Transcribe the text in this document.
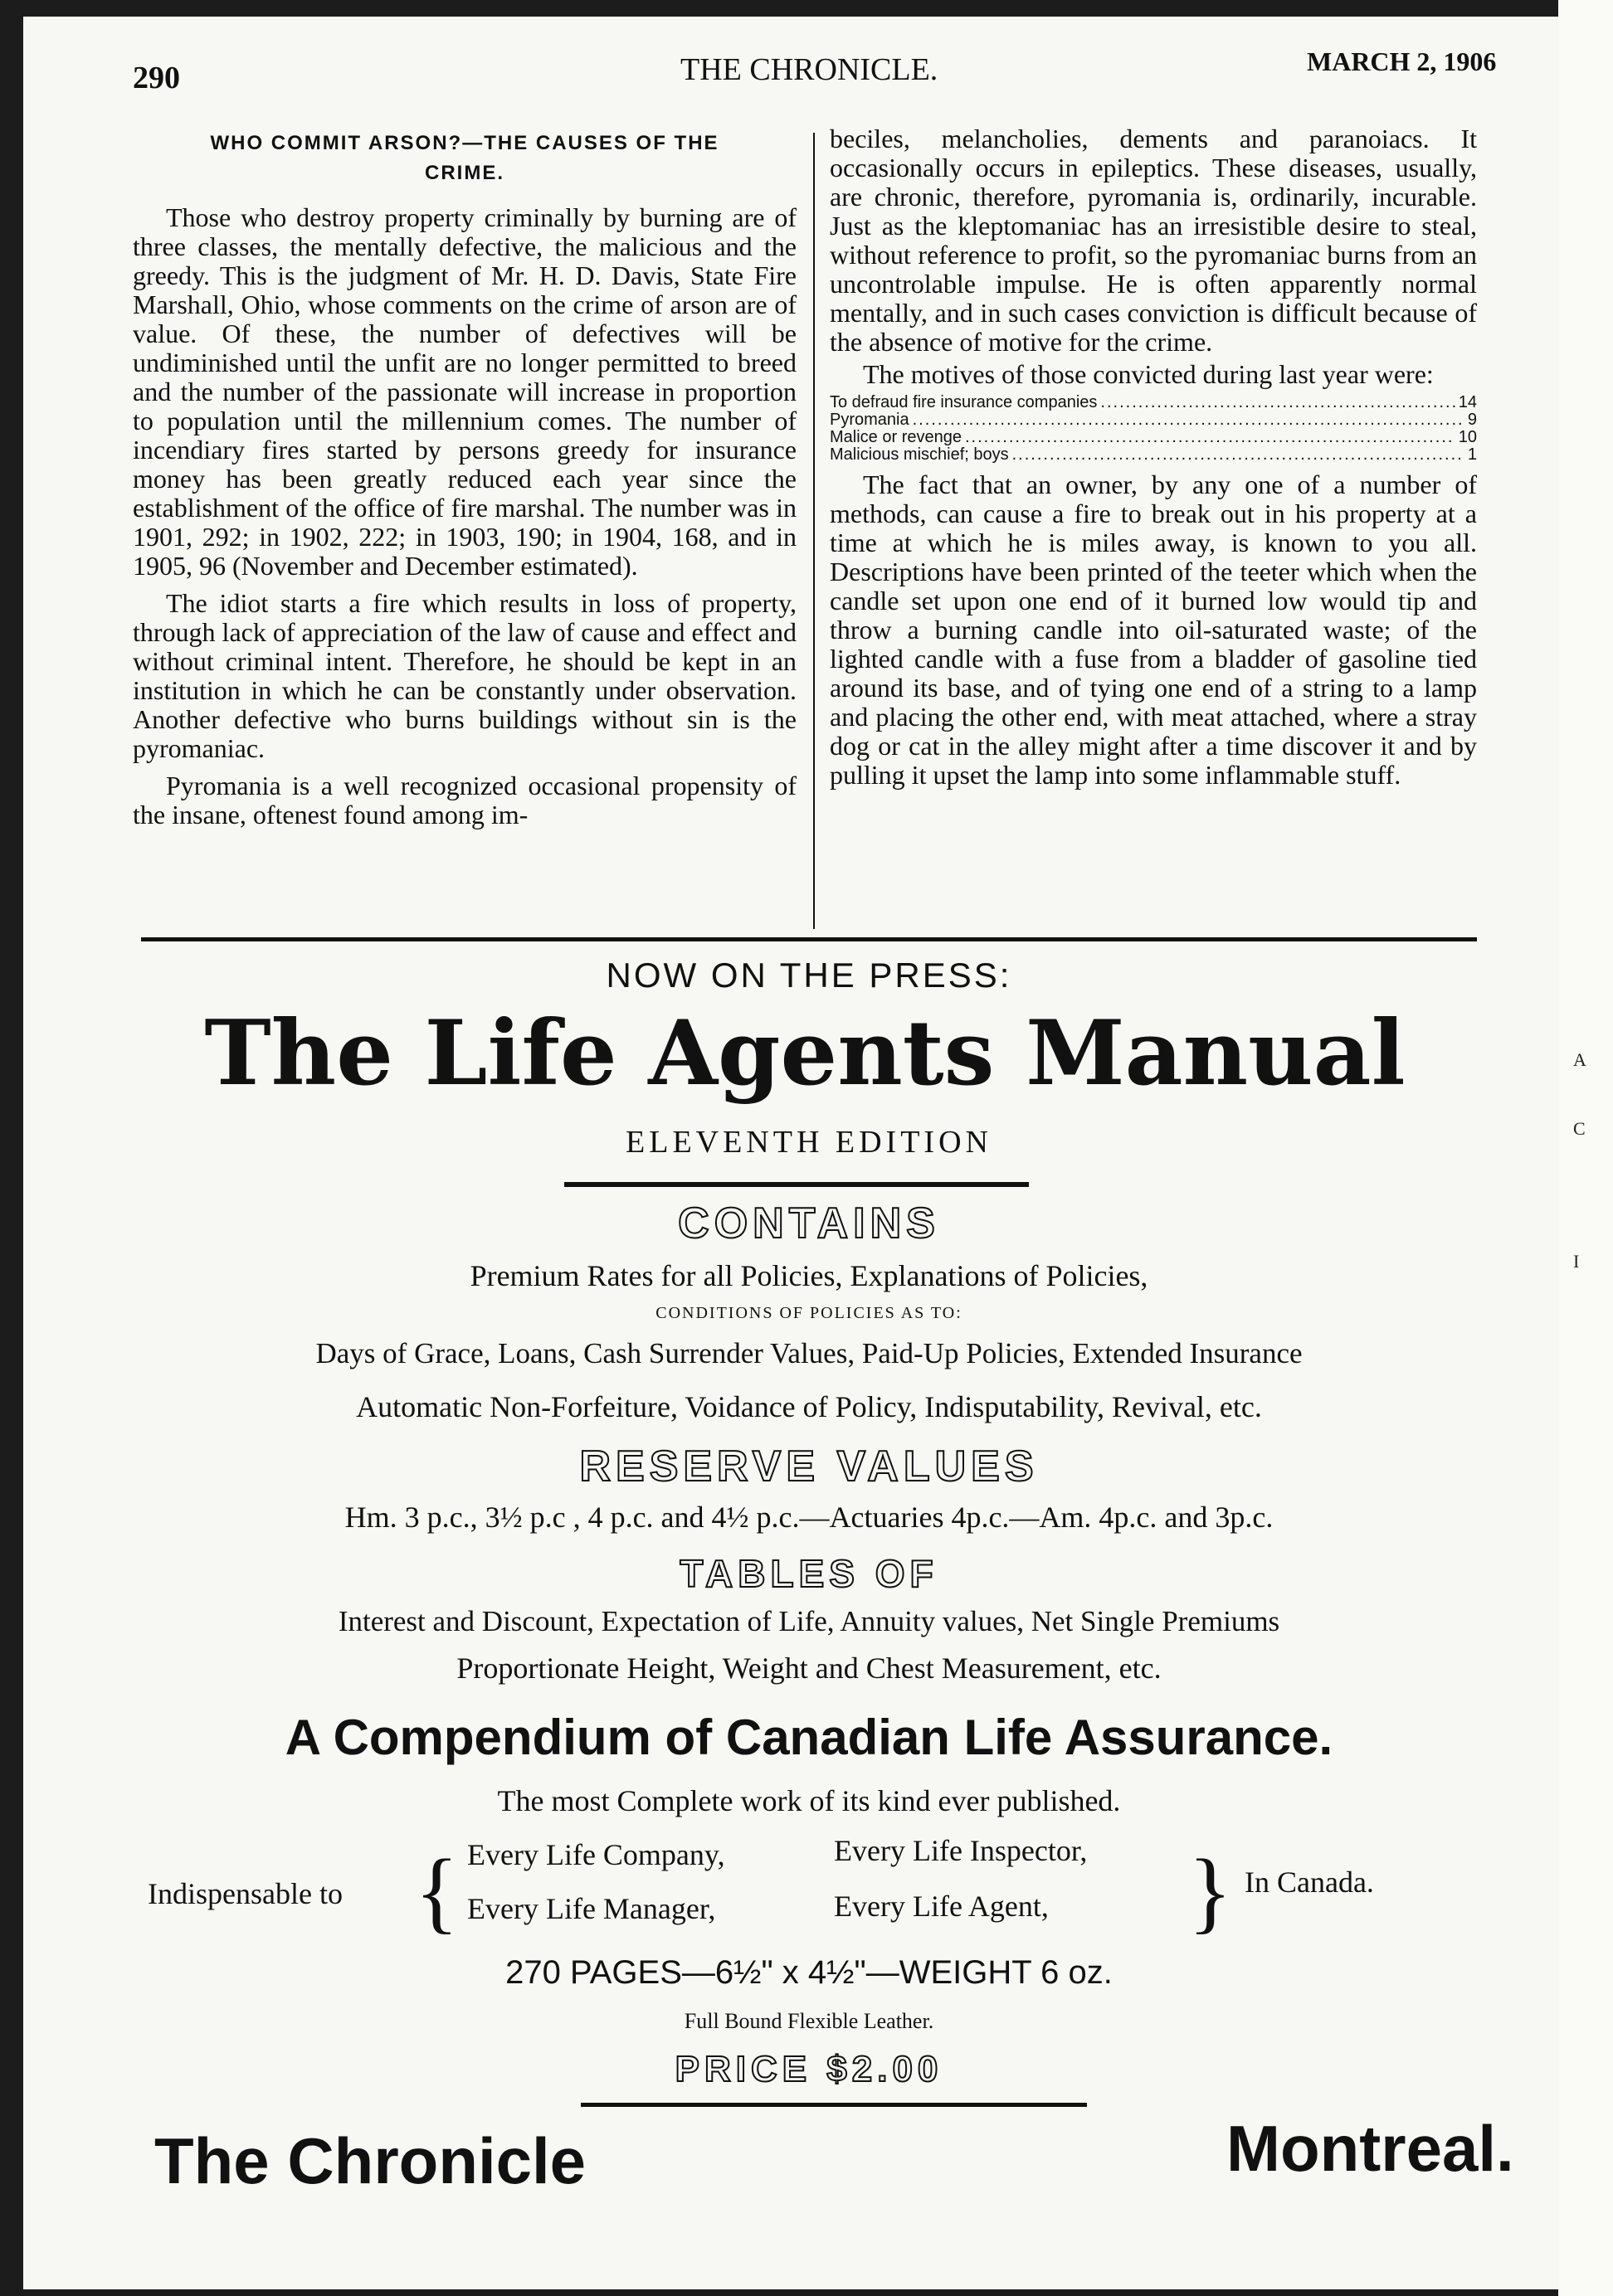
A
C
I
290	THE CHRONICLE.	MARCH 2, 1906
WHO COMMIT ARSON?—THE CAUSES OF THE
CRIME.

Those who destroy property criminally by burning are of three classes, the mentally defective, the malicious and the greedy. This is the judgment of Mr. H. D. Davis, State Fire Marshall, Ohio, whose comments on the crime of arson are of value. Of these, the number of defectives will be undiminished until the unfit are no longer permitted to breed and the number of the passionate will increase in proportion to population until the millennium comes. The number of incendiary fires started by persons greedy for insurance money has been greatly reduced each year since the establishment of the office of fire marshal. The number was in 1901, 292; in 1902, 222; in 1903, 190; in 1904, 168, and in 1905, 96 (November and December estimated).

The idiot starts a fire which results in loss of property, through lack of appreciation of the law of cause and effect and without criminal intent. Therefore, he should be kept in an institution in which he can be constantly under observation. Another defective who burns buildings without sin is the pyromaniac.

Pyromania is a well recognized occasional propensity of the insane, oftenest found among im-

beciles, melancholies, dements and paranoiacs. It occasionally occurs in epileptics. These diseases, usually, are chronic, therefore, pyromania is, ordinarily, incurable. Just as the kleptomaniac has an irresistible desire to steal, without reference to profit, so the pyromaniac burns from an uncontrolable impulse. He is often apparently normal mentally, and in such cases conviction is difficult because of the absence of motive for the crime.

The motives of those convicted during last year were:

To defraud fire insurance companies .....	14
Pyromania .....	9
Malice or revenge .....	10
Malicious mischief; boys .....	1

The fact that an owner, by any one of a number of methods, can cause a fire to break out in his property at a time at which he is miles away, is known to you all. Descriptions have been printed of the teeter which when the candle set upon one end of it burned low would tip and throw a burning candle into oil-saturated waste; of the lighted candle with a fuse from a bladder of gasoline tied around its base, and of tying one end of a string to a lamp and placing the other end, with meat attached, where a stray dog or cat in the alley might after a time discover it and by pulling it upset the lamp into some inflammable stuff.

NOW ON THE PRESS:
The Life Agents Manual
ELEVENTH EDITION
CONTAINS
Premium Rates for all Policies, Explanations of Policies,
CONDITIONS OF POLICIES AS TO:
Days of Grace, Loans, Cash Surrender Values, Paid-Up Policies, Extended Insurance
Automatic Non-Forfeiture, Voidance of Policy, Indisputability, Revival, etc.
RESERVE VALUES
Hm. 3 p.c., 3½ p.c , 4 p.c. and 4½ p.c.—Actuaries 4p.c.—Am. 4p.c. and 3p.c.
TABLES OF
Interest and Discount, Expectation of Life, Annuity values, Net Single Premiums
Proportionate Height, Weight and Chest Measurement, etc.
A Compendium of Canadian Life Assurance.
The most Complete work of its kind ever published.
Indispensable to { Every Life Company,	Every Life Inspector,
Every Life Manager,	Every Life Agent, } In Canada.
270 PAGES—6½" x 4½"—WEIGHT 6 oz.
Full Bound Flexible Leather.
PRICE $2.00
The Chronicle	Montreal.
